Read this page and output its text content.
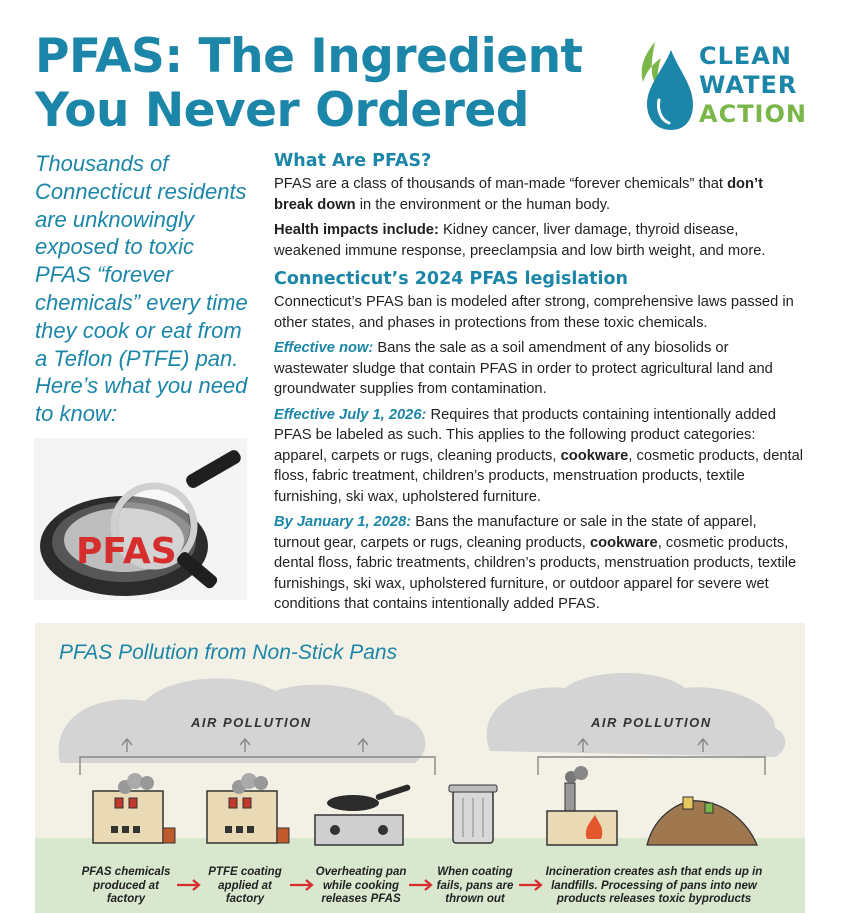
PFAS: The Ingredient
You Never Ordered
CLEAN
WATER
ACTION

Thousands of Connecticut residents are unknowingly exposed to toxic PFAS “forever chemicals” every time they cook or eat from a Teflon (PTFE) pan. Here’s what you need to know:

PFAS
What Are PFAS?

PFAS are a class of thousands of man-made “forever chemicals” that don’t break down in the environment or the human body.

Health impacts include: Kidney cancer, liver damage, thyroid disease, weakened immune response, preeclampsia and low birth weight, and more.

Connecticut’s 2024 PFAS legislation

Connecticut’s PFAS ban is modeled after strong, comprehensive laws passed in other states, and phases in protections from these toxic chemicals.

Effective now: Bans the sale as a soil amendment of any biosolids or wastewater sludge that contain PFAS in order to protect agricultural land and groundwater supplies from contamination.

Effective July 1, 2026: Requires that products containing intentionally added PFAS be labeled as such. This applies to the following product categories: apparel, carpets or rugs, cleaning products, cookware, cosmetic products, dental floss, fabric treatment, children’s products, menstruation products, textile furnishing, ski wax, upholstered furniture.

By January 1, 2028: Bans the manufacture or sale in the state of apparel, turnout gear, carpets or rugs, cleaning products, cookware, cosmetic products, dental floss, fabric treatments, children’s products, menstruation products, textile furnishings, ski wax, upholstered furniture, or outdoor apparel for severe wet conditions that contains intentionally added PFAS.

PFAS Pollution from Non-Stick Pans
AIR POLLUTION	AIR POLLUTION
PFAS chemicals produced at factory
PTFE coating applied at factory
Overheating pan while cooking releases PFAS
When coating fails, pans are thrown out
Incineration creates ash that ends up in landfills. Processing of pans into new products releases toxic byproducts
